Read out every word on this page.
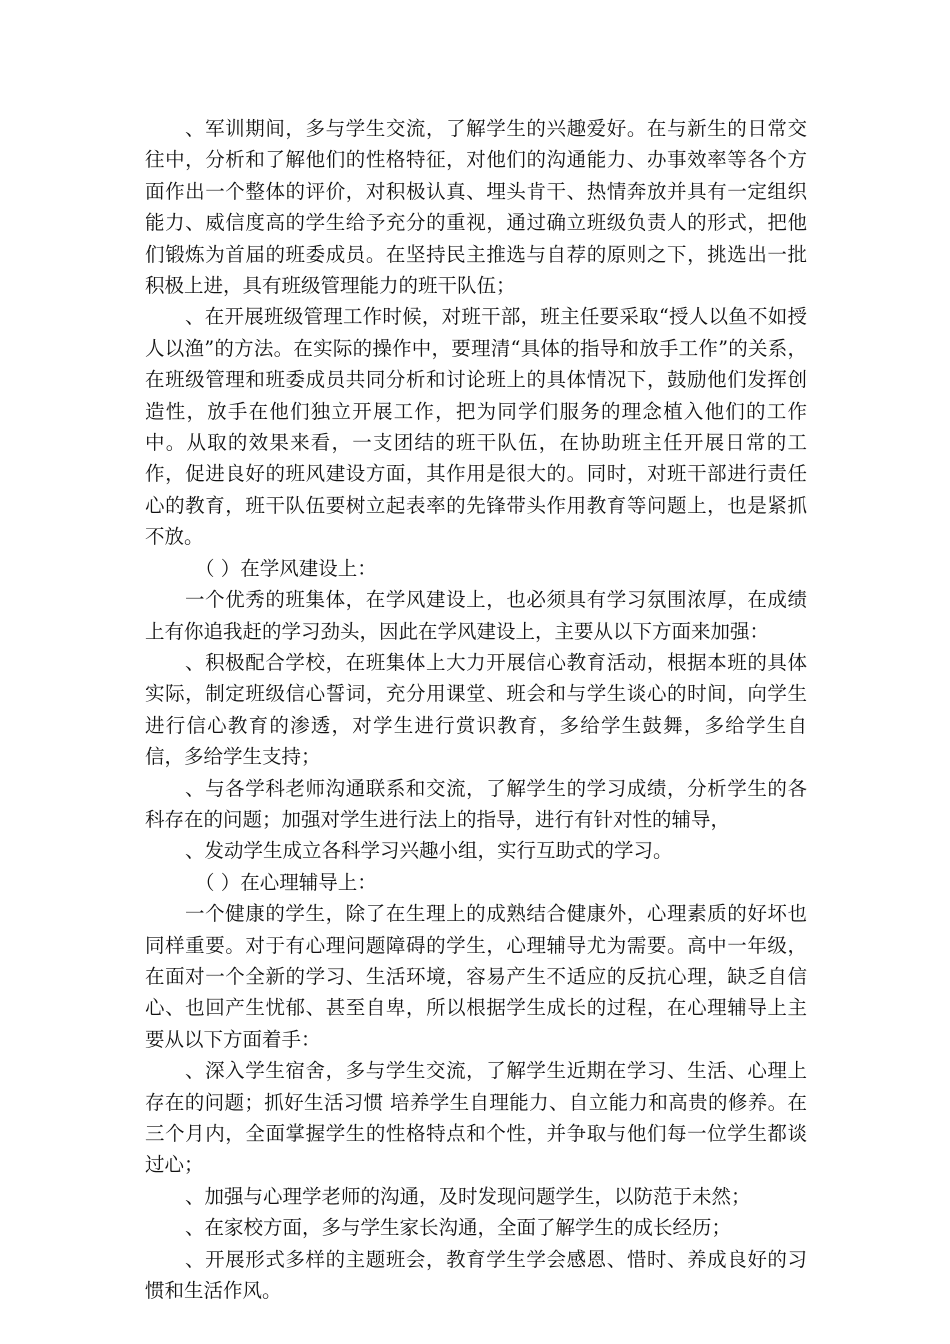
、军训期间，多与学生交流，了解学生的兴趣爱好。在与新生的日常交往中，分析和了解他们的性格特征，对他们的沟通能力、办事效率等各个方面作出一个整体的评价，对积极认真、埋头肯干、热情奔放并具有一定组织能力、威信度高的学生给予充分的重视，通过确立班级负责人的形式，把他们锻炼为首届的班委成员。在坚持民主推选与自荐的原则之下，挑选出一批积极上进，具有班级管理能力的班干队伍；

、在开展班级管理工作时候，对班干部，班主任要采取“授人以鱼不如授人以渔”的方法。在实际的操作中，要理清“具体的指导和放手工作”的关系，在班级管理和班委成员共同分析和讨论班上的具体情况下，鼓励他们发挥创造性，放手在他们独立开展工作，把为同学们服务的理念植入他们的工作中。从取的效果来看，一支团结的班干队伍，在协助班主任开展日常的工作，促进良好的班风建设方面，其作用是很大的。同时，对班干部进行责任心的教育，班干队伍要树立起表率的先锋带头作用教育等问题上，也是紧抓不放。

（ ）在学风建设上：

一个优秀的班集体，在学风建设上，也必须具有学习氛围浓厚，在成绩上有你追我赶的学习劲头，因此在学风建设上，主要从以下方面来加强：

、积极配合学校，在班集体上大力开展信心教育活动，根据本班的具体实际，制定班级信心誓词，充分用课堂、班会和与学生谈心的时间，向学生进行信心教育的渗透，对学生进行赏识教育，多给学生鼓舞，多给学生自信，多给学生支持；

、与各学科老师沟通联系和交流，了解学生的学习成绩，分析学生的各科存在的问题；加强对学生进行法上的指导，进行有针对性的辅导，

、发动学生成立各科学习兴趣小组，实行互助式的学习。

（ ）在心理辅导上：

一个健康的学生，除了在生理上的成熟结合健康外，心理素质的好坏也同样重要。对于有心理问题障碍的学生，心理辅导尤为需要。高中一年级，在面对一个全新的学习、生活环境，容易产生不适应的反抗心理，缺乏自信心、也回产生忧郁、甚至自卑，所以根据学生成长的过程，在心理辅导上主要从以下方面着手：

、深入学生宿舍，多与学生交流，了解学生近期在学习、生活、心理上存在的问题；抓好生活习惯 培养学生自理能力、自立能力和高贵的修养。在三个月内，全面掌握学生的性格特点和个性，并争取与他们每一位学生都谈过心；

、加强与心理学老师的沟通，及时发现问题学生，以防范于未然；

、在家校方面，多与学生家长沟通，全面了解学生的成长经历；

、开展形式多样的主题班会，教育学生学会感恩、惜时、养成良好的习惯和生活作风。
